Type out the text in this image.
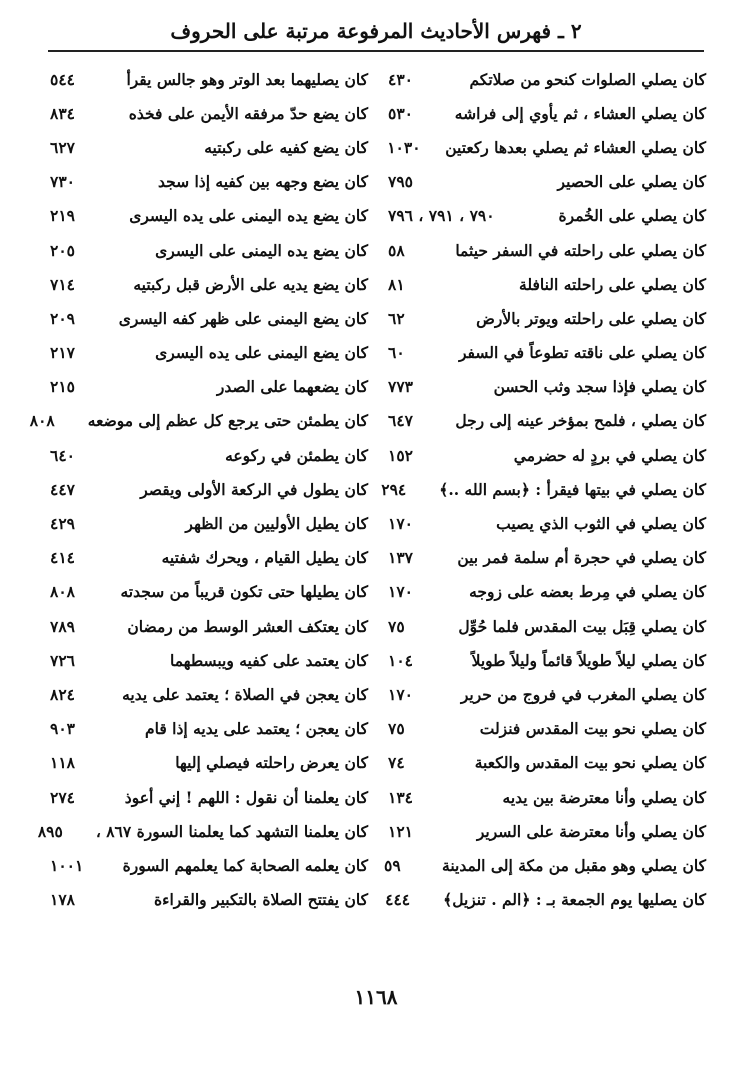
٢ ـ فهرس الأحاديث المرفوعة مرتبة على الحروف
كان يصلي الصلوات كنحو من صلاتكم
٤٣٠
كان يصلي العشاء ، ثم يأوي إلى فراشه
٥٣٠
كان يصلي العشاء ثم يصلي بعدها ركعتين
١٠٣٠
كان يصلي على الحصير
٧٩٥
كان يصلي على الخُمرة
٧٩٠ ، ٧٩١ ، ٧٩٦
كان يصلي على راحلته في السفر حيثما
٥٨
كان يصلي على راحلته النافلة
٨١
كان يصلي على راحلته ويوتر بالأرض
٦٢
كان يصلي على ناقته تطوعاً في السفر
٦٠
كان يصلي فإذا سجد وثب الحسن
٧٧٣
كان يصلي ، فلمح بمؤخر عينه إلى رجل
٦٤٧
كان يصلي في بردٍ له حضرمي
١٥٢
كان يصلي في بيتها فيقرأ : ﴿بسم الله ..﴾
٢٩٤
كان يصلي في الثوب الذي يصيب
١٧٠
كان يصلي في حجرة أم سلمة فمر بين
١٣٧
كان يصلي في مِرط بعضه على زوجه
١٧٠
كان يصلي قِبَل بيت المقدس فلما حُوِّل
٧٥
كان يصلي ليلاً طويلاً قائماً وليلاً طويلاً
١٠٤
كان يصلي المغرب في فروج من حرير
١٧٠
كان يصلي نحو بيت المقدس فنزلت
٧٥
كان يصلي نحو بيت المقدس والكعبة
٧٤
كان يصلي وأنا معترضة بين يديه
١٣٤
كان يصلي وأنا معترضة على السرير
١٢١
كان يصلي وهو مقبل من مكة إلى المدينة
٥٩
كان يصليها يوم الجمعة بـ : ﴿الم . تنزيل﴾
٤٤٤
كان يصليهما بعد الوتر وهو جالس يقرأ
٥٤٤
كان يضع حدّ مرفقه الأيمن على فخذه
٨٣٤
كان يضع كفيه على ركبتيه
٦٢٧
كان يضع وجهه بين كفيه إذا سجد
٧٣٠
كان يضع يده اليمنى على يده اليسرى
٢١٩
كان يضع يده اليمنى على اليسرى
٢٠٥
كان يضع يديه على الأرض قبل ركبتيه
٧١٤
كان يضع اليمنى على ظهر كفه اليسرى
٢٠٩
كان يضع اليمنى على يده اليسرى
٢١٧
كان يضعهما على الصدر
٢١٥
كان يطمئن حتى يرجع كل عظم إلى موضعه
٨٠٨
كان يطمئن في ركوعه
٦٤٠
كان يطول في الركعة الأولى ويقصر
٤٤٧
كان يطيل الأوليين من الظهر
٤٢٩
كان يطيل القيام ، ويحرك شفتيه
٤١٤
كان يطيلها حتى تكون قريباً من سجدته
٨٠٨
كان يعتكف العشر الوسط من رمضان
٧٨٩
كان يعتمد على كفيه ويبسطهما
٧٢٦
كان يعجن في الصلاة ؛ يعتمد على يديه
٨٢٤
كان يعجن ؛ يعتمد على يديه إذا قام
٩٠٣
كان يعرض راحلته فيصلي إليها
١١٨
كان يعلمنا أن نقول : اللهم ! إني أعوذ
٢٧٤
كان يعلمنا التشهد كما يعلمنا السورة ٨٦٧ ،
٨٩٥
كان يعلمه الصحابة كما يعلمهم السورة
١٠٠١
كان يفتتح الصلاة بالتكبير والقراءة
١٧٨
١١٦٨
